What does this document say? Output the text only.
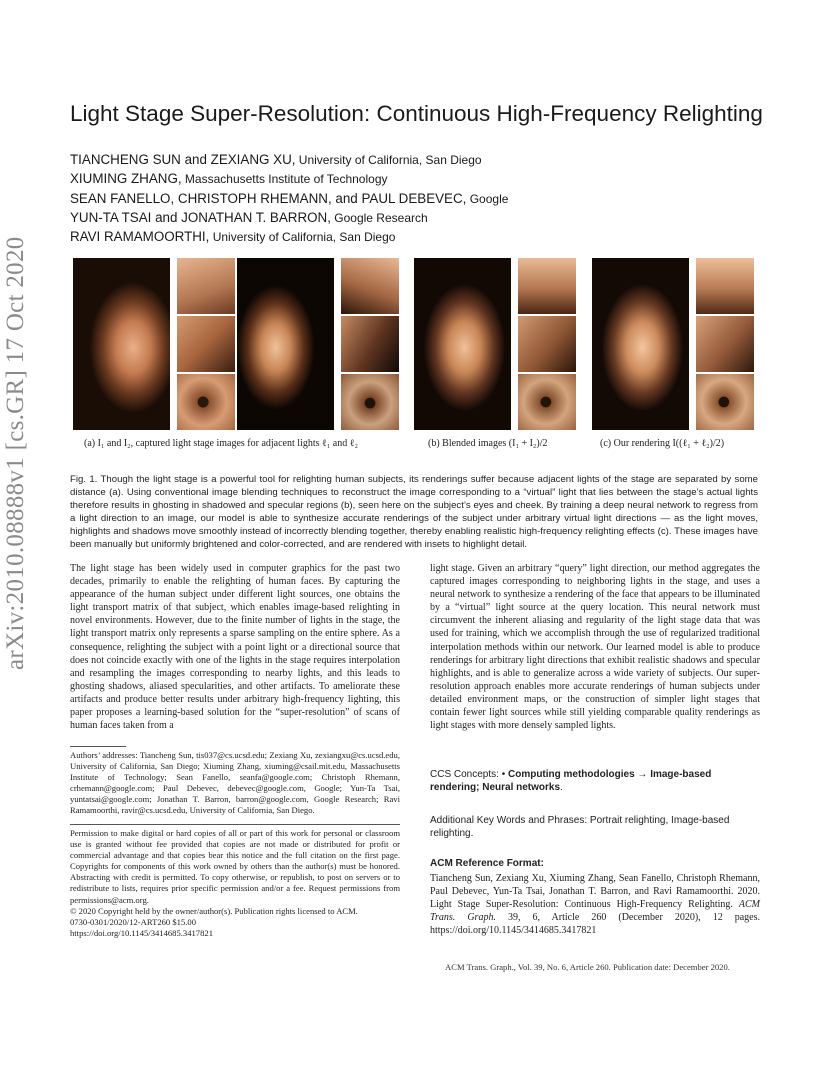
arXiv:2010.08888v1 [cs.GR] 17 Oct 2020
Light Stage Super-Resolution: Continuous High-Frequency Relighting
TIANCHENG SUN and ZEXIANG XU, University of California, San Diego
XIUMING ZHANG, Massachusetts Institute of Technology
SEAN FANELLO, CHRISTOPH RHEMANN, and PAUL DEBEVEC, Google
YUN-TA TSAI and JONATHAN T. BARRON, Google Research
RAVI RAMAMOORTHI, University of California, San Diego
(a) I₁ and I₂, captured light stage images for adjacent lights ℓ₁ and ℓ₂	(b) Blended images (I₁ + I₂)/2	(c) Our rendering I((ℓ₁ + ℓ₂)/2)
Fig. 1. Though the light stage is a powerful tool for relighting human subjects, its renderings suffer because adjacent lights of the stage are separated by some distance (a). Using conventional image blending techniques to reconstruct the image corresponding to a “virtual” light that lies between the stage’s actual lights therefore results in ghosting in shadowed and specular regions (b), seen here on the subject’s eyes and cheek. By training a deep neural network to regress from a light direction to an image, our model is able to synthesize accurate renderings of the subject under arbitrary virtual light directions — as the light moves, highlights and shadows move smoothly instead of incorrectly blending together, thereby enabling realistic high-frequency relighting effects (c). These images have been manually but uniformly brightened and color-corrected, and are rendered with insets to highlight detail.
The light stage has been widely used in computer graphics for the past two decades, primarily to enable the relighting of human faces. By capturing the appearance of the human subject under different light sources, one obtains the light transport matrix of that subject, which enables image-based relighting in novel environments. However, due to the finite number of lights in the stage, the light transport matrix only represents a sparse sampling on the entire sphere. As a consequence, relighting the subject with a point light or a directional source that does not coincide exactly with one of the lights in the stage requires interpolation and resampling the images corresponding to nearby lights, and this leads to ghosting shadows, aliased specularities, and other artifacts. To ameliorate these artifacts and produce better results under arbitrary high-frequency lighting, this paper proposes a learning-based solution for the “super-resolution” of scans of human faces taken from a
light stage. Given an arbitrary “query” light direction, our method aggregates the captured images corresponding to neighboring lights in the stage, and uses a neural network to synthesize a rendering of the face that appears to be illuminated by a “virtual” light source at the query location. This neural network must circumvent the inherent aliasing and regularity of the light stage data that was used for training, which we accomplish through the use of regularized traditional interpolation methods within our network. Our learned model is able to produce renderings for arbitrary light directions that exhibit realistic shadows and specular highlights, and is able to generalize across a wide variety of subjects. Our super-resolution approach enables more accurate renderings of human subjects under detailed environment maps, or the construction of simpler light stages that contain fewer light sources while still yielding comparable quality renderings as light stages with more densely sampled lights.
Authors’ addresses: Tiancheng Sun, tis037@cs.ucsd.edu; Zexiang Xu, zexiangxu@cs.ucsd.edu, University of California, San Diego; Xiuming Zhang, xiuming@csail.mit.edu, Massachusetts Institute of Technology; Sean Fanello, seanfa@google.com; Christoph Rhemann, crhemann@google.com; Paul Debevec, debevec@google.com, Google; Yun-Ta Tsai, yuntatsai@google.com; Jonathan T. Barron, barron@google.com, Google Research; Ravi Ramamoorthi, ravir@cs.ucsd.edu, University of California, San Diego.
Permission to make digital or hard copies of all or part of this work for personal or classroom use is granted without fee provided that copies are not made or distributed for profit or commercial advantage and that copies bear this notice and the full citation on the first page. Copyrights for components of this work owned by others than the author(s) must be honored. Abstracting with credit is permitted. To copy otherwise, or republish, to post on servers or to redistribute to lists, requires prior specific permission and/or a fee. Request permissions from permissions@acm.org.
© 2020 Copyright held by the owner/author(s). Publication rights licensed to ACM.
0730-0301/2020/12-ART260 $15.00
https://doi.org/10.1145/3414685.3417821
CCS Concepts: • Computing methodologies → Image-based rendering; Neural networks.
Additional Key Words and Phrases: Portrait relighting, Image-based relighting.
ACM Reference Format:
Tiancheng Sun, Zexiang Xu, Xiuming Zhang, Sean Fanello, Christoph Rhemann, Paul Debevec, Yun-Ta Tsai, Jonathan T. Barron, and Ravi Ramamoorthi. 2020. Light Stage Super-Resolution: Continuous High-Frequency Relighting. ACM Trans. Graph. 39, 6, Article 260 (December 2020), 12 pages. https://doi.org/10.1145/3414685.3417821
ACM Trans. Graph., Vol. 39, No. 6, Article 260. Publication date: December 2020.
